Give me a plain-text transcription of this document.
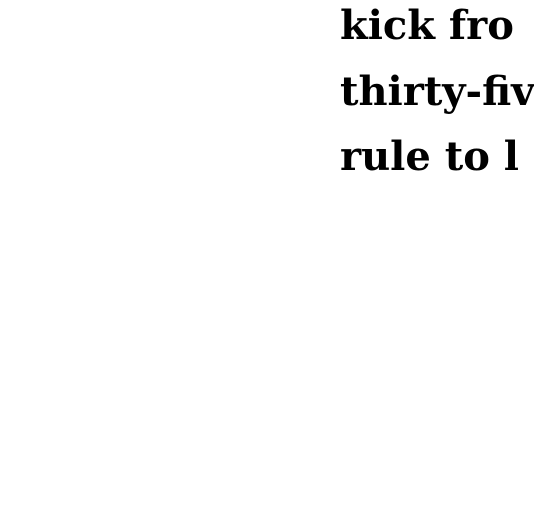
kick fro
thirty-fiv
rule to l
